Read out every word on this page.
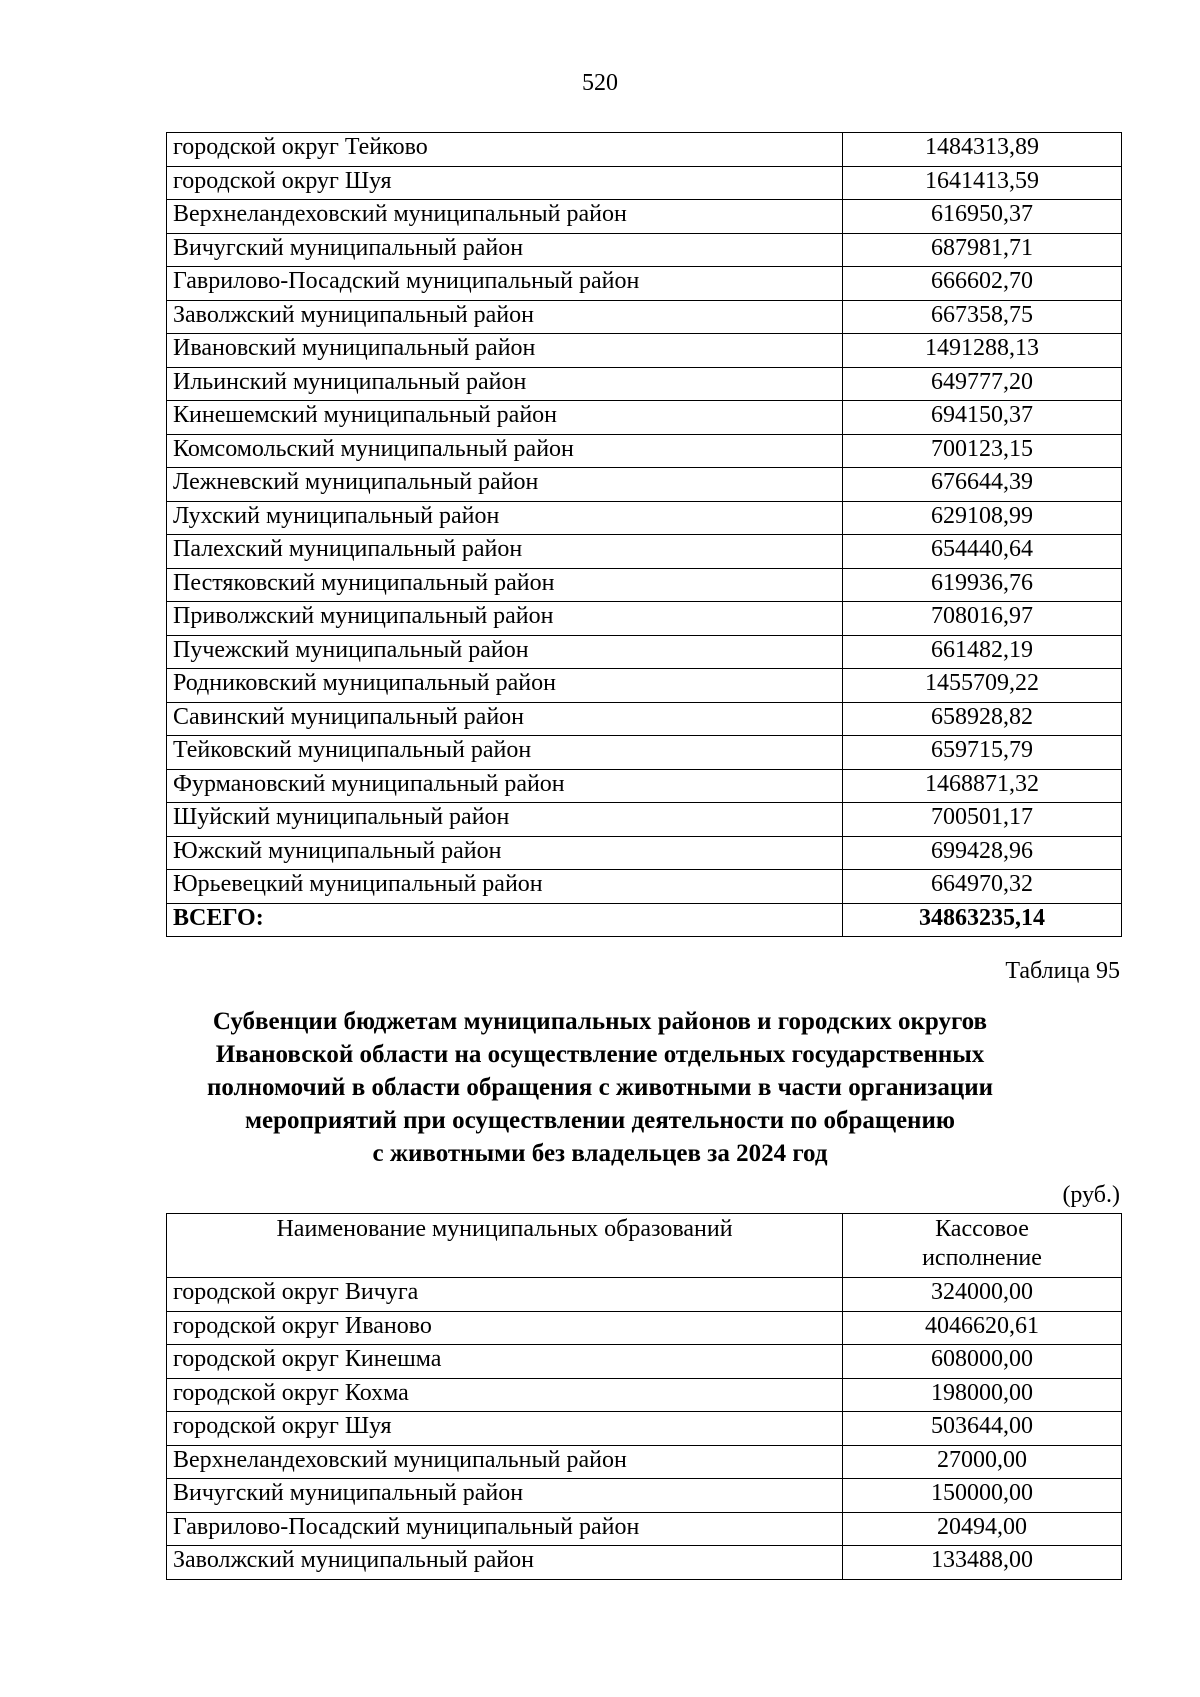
520
городской округ Тейково	1484313,89
городской округ Шуя	1641413,59
Верхнеландеховский муниципальный район	616950,37
Вичугский муниципальный район	687981,71
Гаврилово-Посадский муниципальный район	666602,70
Заволжский муниципальный район	667358,75
Ивановский муниципальный район	1491288,13
Ильинский муниципальный район	649777,20
Кинешемский муниципальный район	694150,37
Комсомольский муниципальный район	700123,15
Лежневский муниципальный район	676644,39
Лухский муниципальный район	629108,99
Палехский муниципальный район	654440,64
Пестяковский муниципальный район	619936,76
Приволжский муниципальный район	708016,97
Пучежский муниципальный район	661482,19
Родниковский муниципальный район	1455709,22
Савинский муниципальный район	658928,82
Тейковский муниципальный район	659715,79
Фурмановский муниципальный район	1468871,32
Шуйский муниципальный район	700501,17
Южский муниципальный район	699428,96
Юрьевецкий муниципальный район	664970,32
ВСЕГО:	34863235,14
Таблица 95
Субвенции бюджетам муниципальных районов и городских округов
Ивановской области на осуществление отдельных государственных
полномочий в области обращения с животными в части организации
мероприятий при осуществлении деятельности по обращению
с животными без владельцев за 2024 год
(руб.)
Наименование муниципальных образований	Кассовое
исполнение

городской округ Вичуга	324000,00
городской округ Иваново	4046620,61
городской округ Кинешма	608000,00
городской округ Кохма	198000,00
городской округ Шуя	503644,00
Верхнеландеховский муниципальный район	27000,00
Вичугский муниципальный район	150000,00
Гаврилово-Посадский муниципальный район	20494,00
Заволжский муниципальный район	133488,00
